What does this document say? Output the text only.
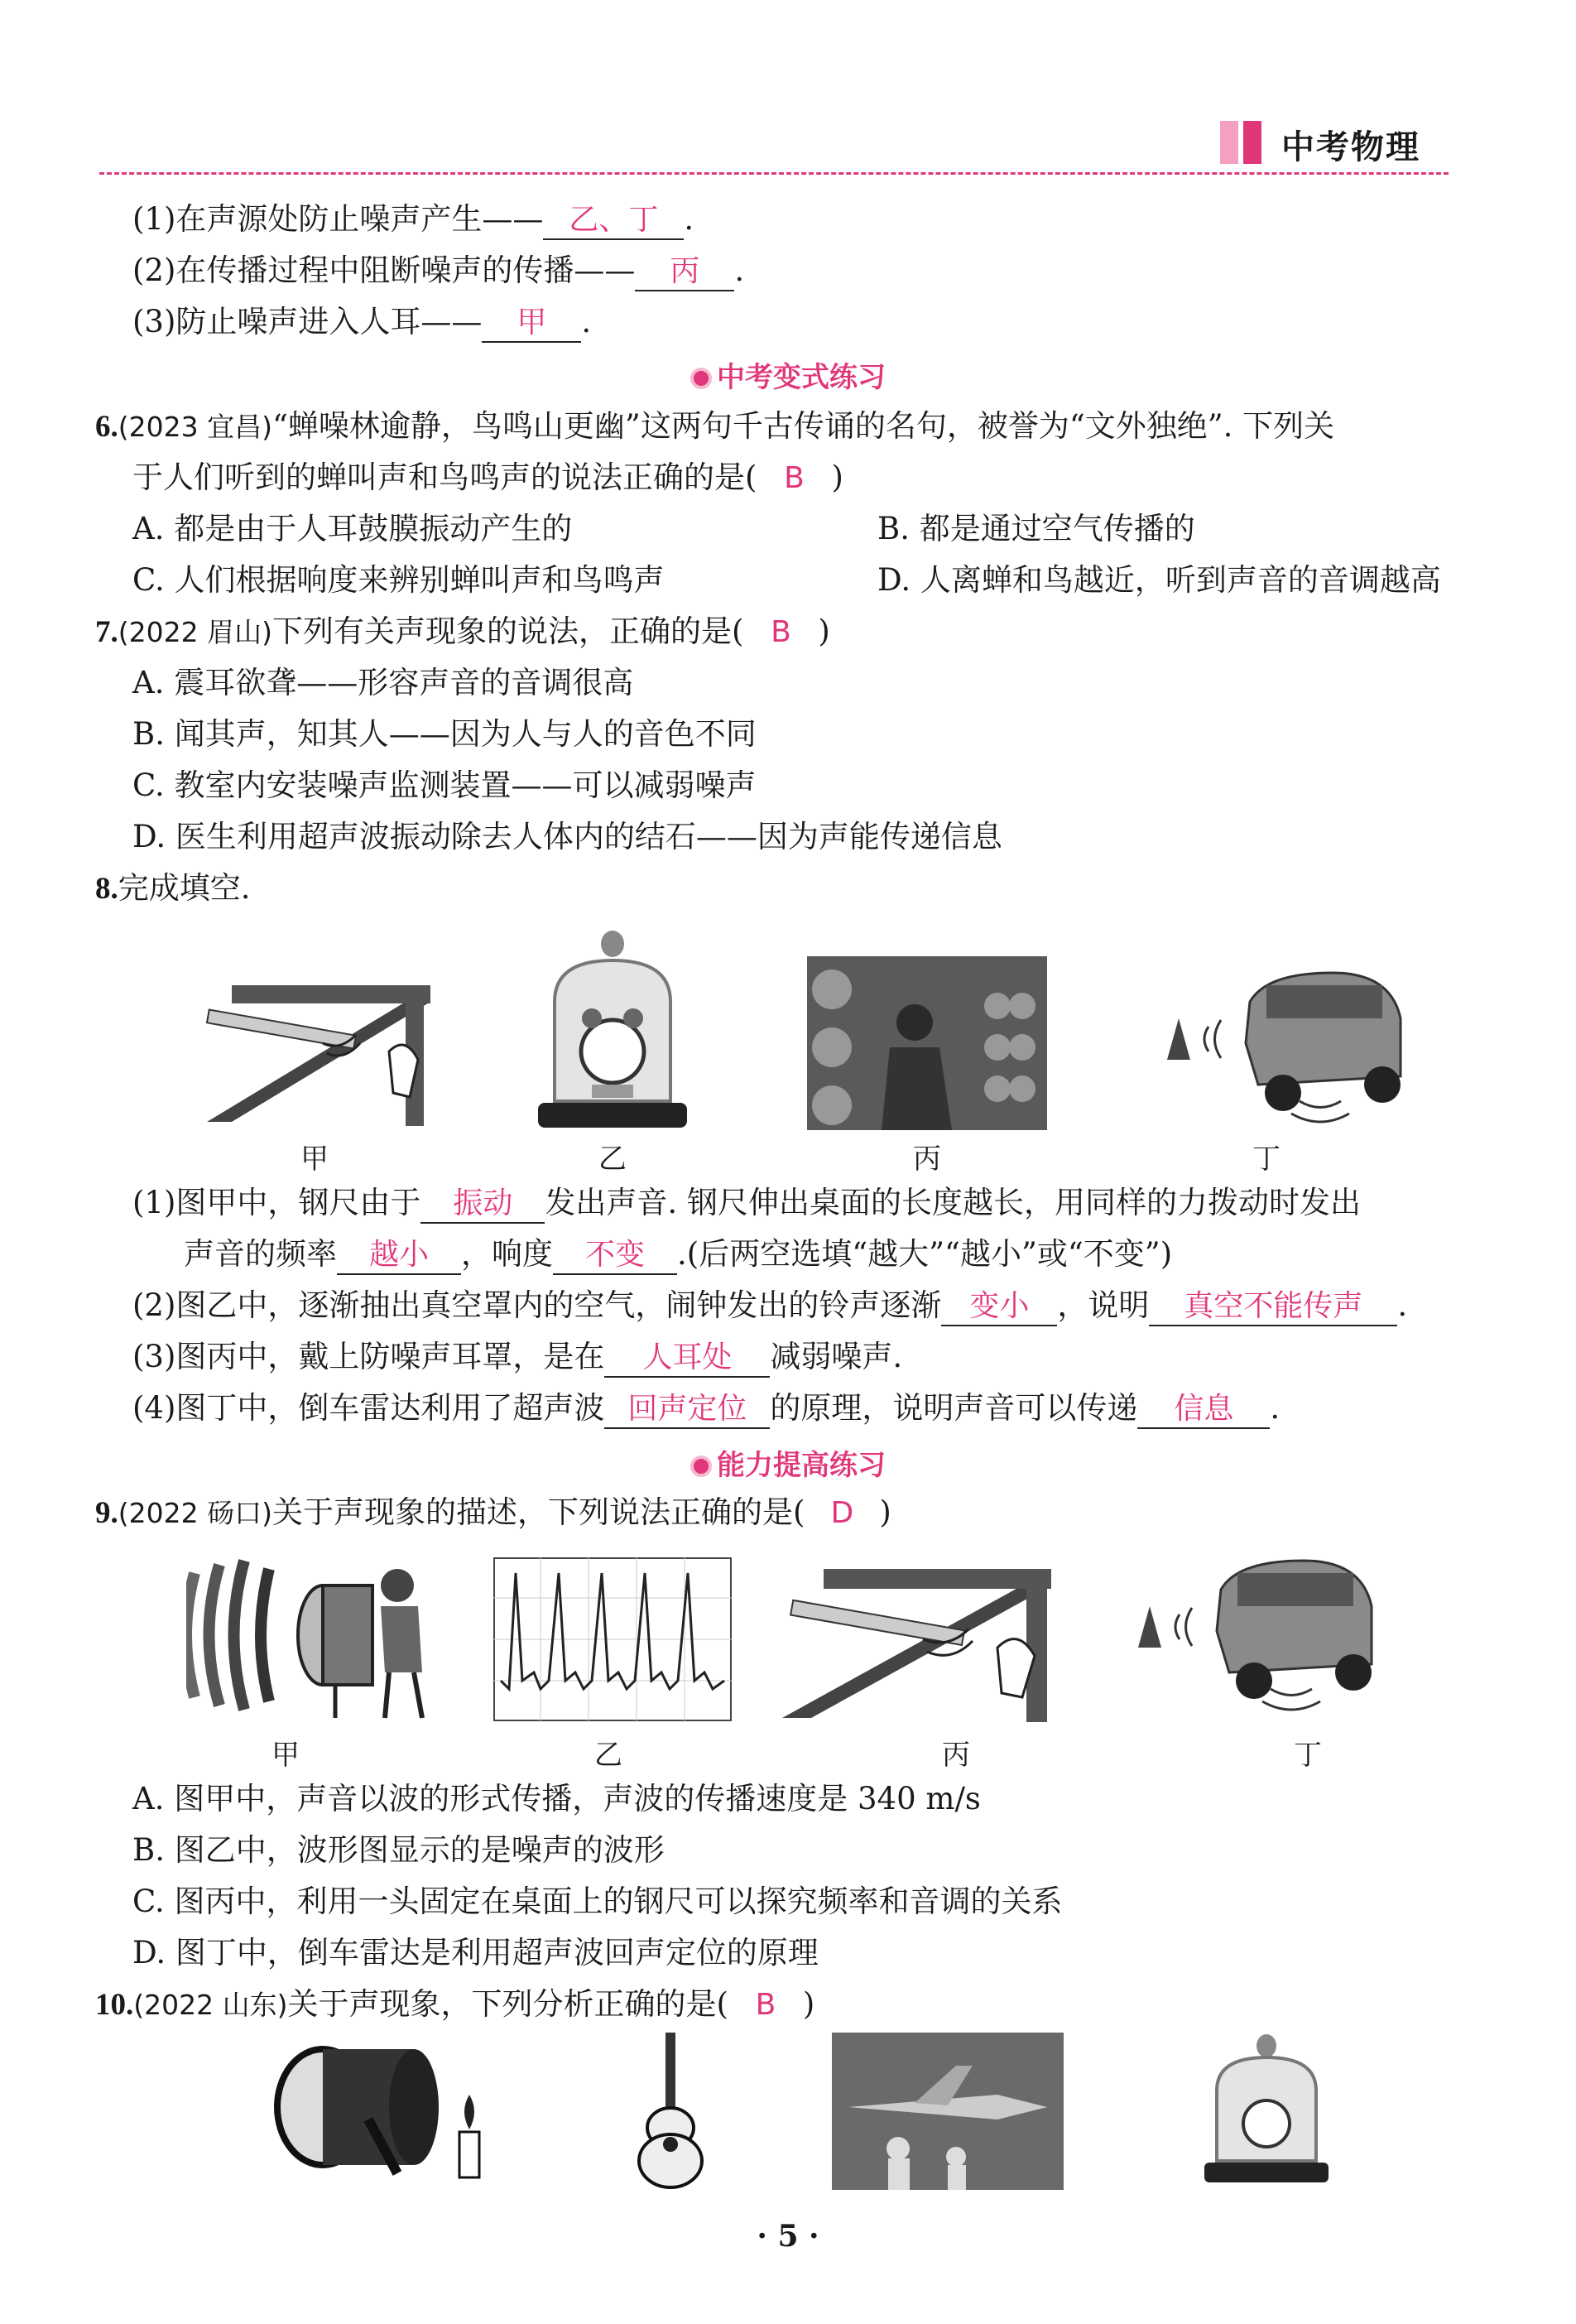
中考物理
(1)在声源处防止噪声产生—— 乙、丁 .
(2)在传播过程中阻断噪声的传播—— 丙 .
(3)防止噪声进入人耳—— 甲 .
中考变式练习
6.(2023 宜昌)“蝉噪林逾静，鸟鸣山更幽”这两句千古传诵的名句，被誉为“文外独绝”. 下列关
于人们听到的蝉叫声和鸟鸣声的说法正确的是( B )
A. 都是由于人耳鼓膜振动产生的	B. 都是通过空气传播的
C. 人们根据响度来辨别蝉叫声和鸟鸣声	D. 人离蝉和鸟越近，听到声音的音调越高
7.(2022 眉山)下列有关声现象的说法，正确的是( B )
A. 震耳欲聋——形容声音的音调很高
B. 闻其声，知其人——因为人与人的音色不同
C. 教室内安装噪声监测装置——可以减弱噪声
D. 医生利用超声波振动除去人体内的结石——因为声能传递信息
8.完成填空.
甲	乙	丙	丁
(1)图甲中，钢尺由于 振动 发出声音. 钢尺伸出桌面的长度越长，用同样的力拨动时发出
声音的频率 越小 ，响度 不变 .(后两空选填“越大”“越小”或“不变”)
(2)图乙中，逐渐抽出真空罩内的空气，闹钟发出的铃声逐渐 变小 ，说明 真空不能传声 .
(3)图丙中，戴上防噪声耳罩，是在 人耳处 减弱噪声.
(4)图丁中，倒车雷达利用了超声波 回声定位 的原理，说明声音可以传递 信息 .
能力提高练习
9.(2022 砀口)关于声现象的描述，下列说法正确的是( D )
甲	乙	丙	丁
A. 图甲中，声音以波的形式传播，声波的传播速度是 340 m/s
B. 图乙中，波形图显示的是噪声的波形
C. 图丙中，利用一头固定在桌面上的钢尺可以探究频率和音调的关系
D. 图丁中，倒车雷达是利用超声波回声定位的原理
10.(2022 山东)关于声现象，下列分析正确的是( B )
· 5 ·
